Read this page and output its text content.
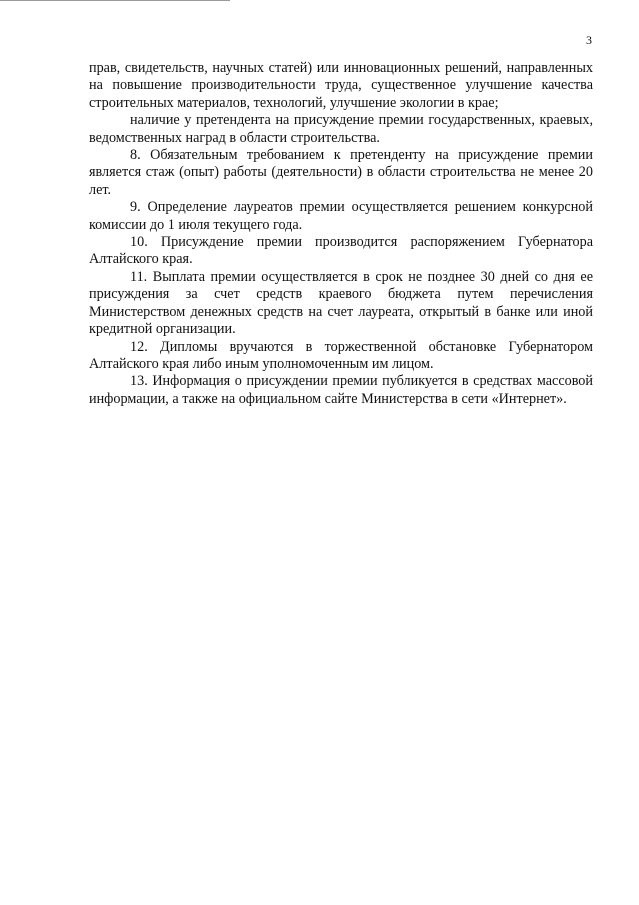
3

прав, свидетельств, научных статей) или инновационных решений, направленных на повышение производительности труда, существенное улучшение качества строительных материалов, технологий, улучшение экологии в крае;

наличие у претендента на присуждение премии государственных, краевых, ведомственных наград в области строительства.

8. Обязательным требованием к претенденту на присуждение премии является стаж (опыт) работы (деятельности) в области строительства не менее 20 лет.

9. Определение лауреатов премии осуществляется решением конкурсной комиссии до 1 июля текущего года.

10. Присуждение премии производится распоряжением Губернатора Алтайского края.

11. Выплата премии осуществляется в срок не позднее 30 дней со дня ее присуждения за счет средств краевого бюджета путем перечисления Министерством денежных средств на счет лауреата, открытый в банке или иной кредитной организации.

12. Дипломы вручаются в торжественной обстановке Губернатором Алтайского края либо иным уполномоченным им лицом.

13. Информация о присуждении премии публикуется в средствах массовой информации, а также на официальном сайте Министерства в сети «Интернет».
